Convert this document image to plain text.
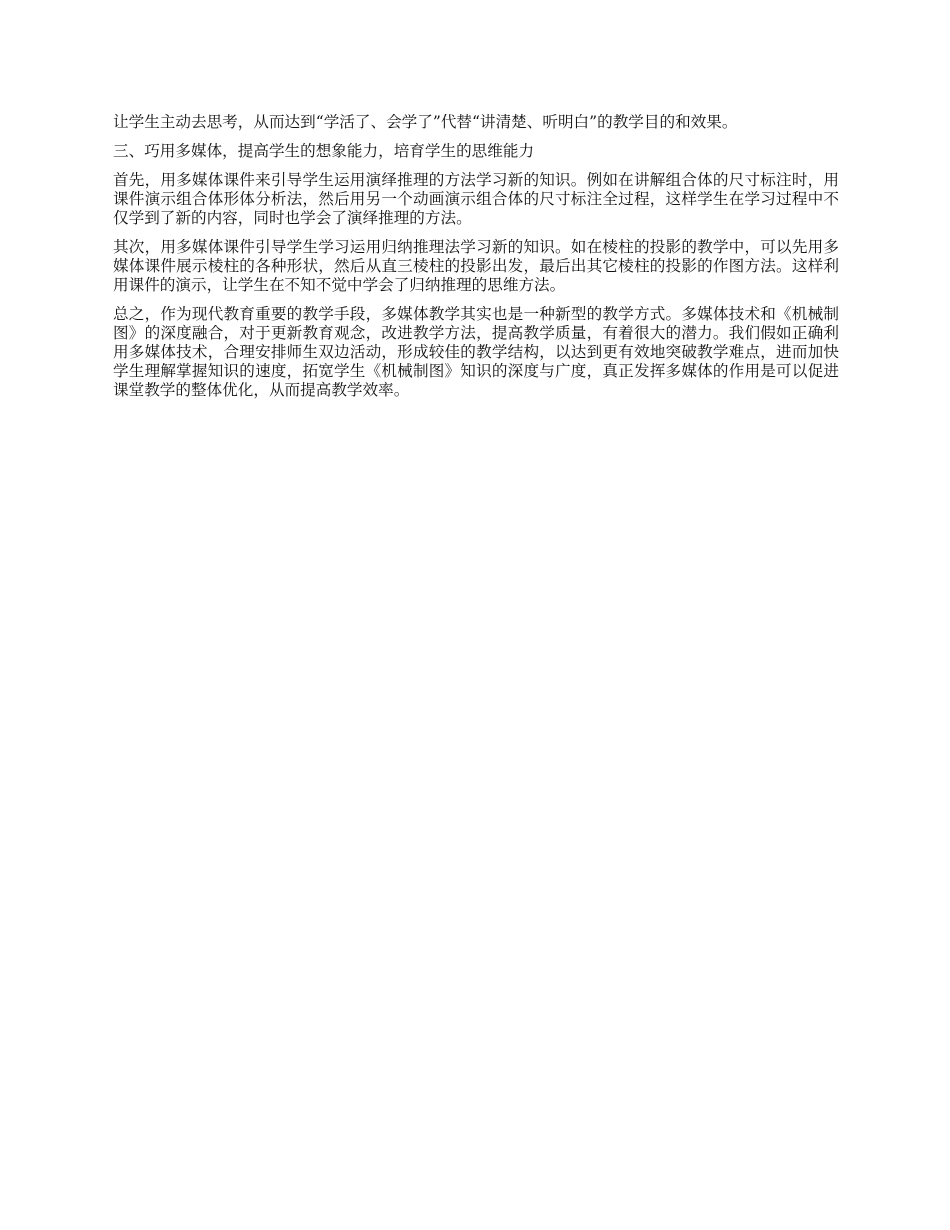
让学生主动去思考，从而达到“学活了、会学了”代替“讲清楚、听明白”的教学目的和效果。

三、巧用多媒体，提高学生的想象能力，培育学生的思维能力

首先，用多媒体课件来引导学生运用演绎推理的方法学习新的知识。例如在讲解组合体的尺寸标注时，用课件演示组合体形体分析法，然后用另一个动画演示组合体的尺寸标注全过程，这样学生在学习过程中不仅学到了新的内容，同时也学会了演绎推理的方法。

其次，用多媒体课件引导学生学习运用归纳推理法学习新的知识。如在棱柱的投影的教学中，可以先用多媒体课件展示棱柱的各种形状，然后从直三棱柱的投影出发，最后出其它棱柱的投影的作图方法。这样利用课件的演示，让学生在不知不觉中学会了归纳推理的思维方法。

总之，作为现代教育重要的教学手段，多媒体教学其实也是一种新型的教学方式。多媒体技术和《机械制图》的深度融合，对于更新教育观念，改进教学方法，提高教学质量，有着很大的潜力。我们假如正确利用多媒体技术，合理安排师生双边活动，形成较佳的教学结构，以达到更有效地突破教学难点，进而加快学生理解掌握知识的速度，拓宽学生《机械制图》知识的深度与广度，真正发挥多媒体的作用是可以促进课堂教学的整体优化，从而提高教学效率。
